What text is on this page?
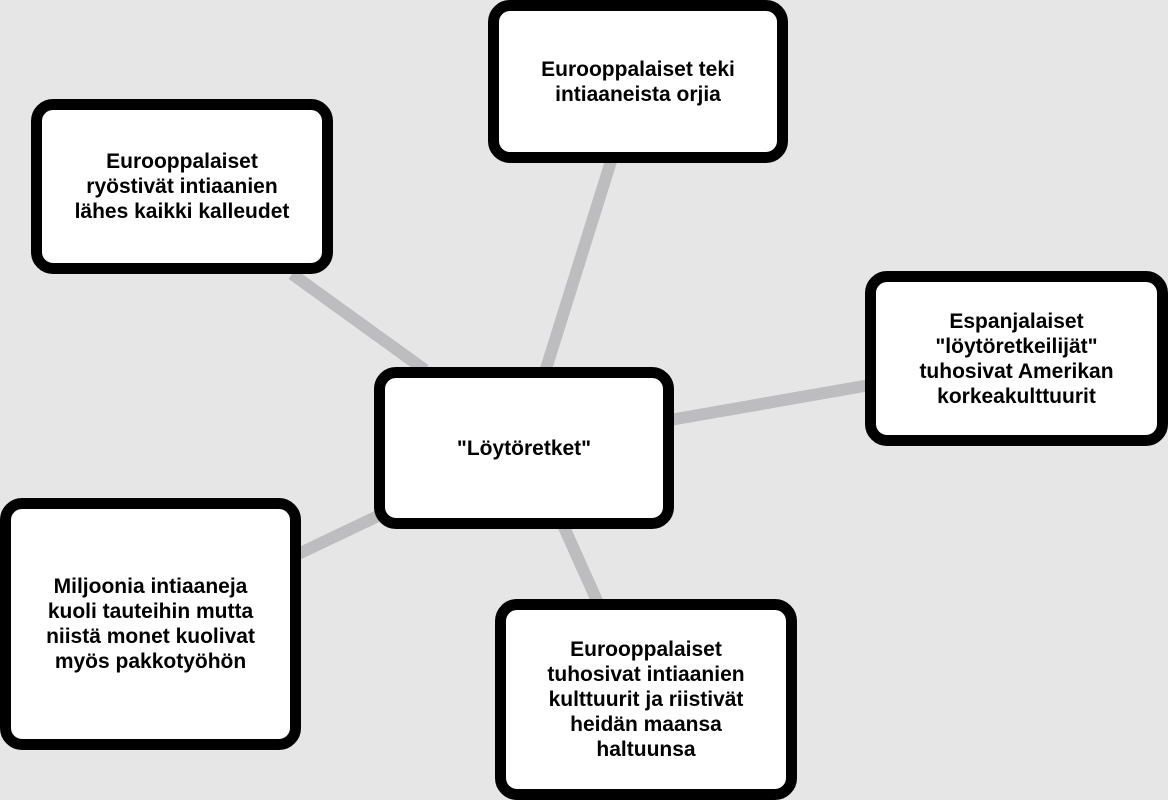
Eurooppalaiset teki intiaaneista orjia
Eurooppalaiset ryöstivät intiaanien lähes kaikki kalleudet
Espanjalaiset "löytöretkeilijät" tuhosivat Amerikan korkeakulttuurit
Miljoonia intiaaneja kuoli tauteihin mutta niistä monet kuolivat myös pakkotyöhön
Eurooppalaiset tuhosivat intiaanien kulttuurit ja riistivät heidän maansa haltuunsa
"Löytöretket"
